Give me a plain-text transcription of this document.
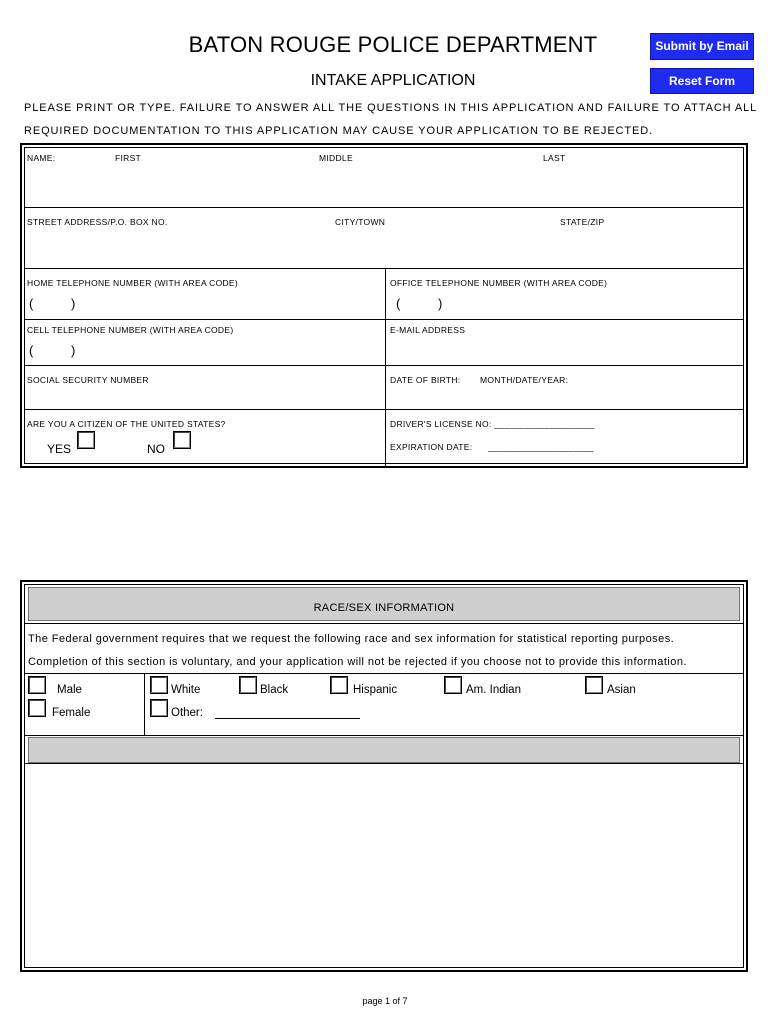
BATON ROUGE POLICE DEPARTMENT
INTAKE APPLICATION
Submit by Email
Reset Form
PLEASE PRINT OR TYPE. FAILURE TO ANSWER ALL THE QUESTIONS IN THIS APPLICATION AND FAILURE TO ATTACH ALL
REQUIRED DOCUMENTATION TO THIS APPLICATION MAY CAUSE YOUR APPLICATION TO BE REJECTED.
NAME:	FIRST	MIDDLE	LAST
STREET ADDRESS/P.O. BOX NO.	CITY/TOWN	STATE/ZIP
HOME TELEPHONE NUMBER (WITH AREA CODE)
(	)
OFFICE TELEPHONE NUMBER (WITH AREA CODE)
(	)
CELL TELEPHONE NUMBER (WITH AREA CODE)
(	)
E-MAIL ADDRESS
SOCIAL SECURITY NUMBER	DATE OF BIRTH: MONTH/DATE/YEAR:
ARE YOU A CITIZEN OF THE UNITED STATES?
YES	NO
DRIVER'S LICENSE NO: ____________________
EXPIRATION DATE: _____________________
RACE/SEX INFORMATION
The Federal government requires that we request the following race and sex information for statistical reporting purposes.
Completion of this section is voluntary, and your application will not be rejected if you choose not to provide this information.
Male
Female
White	Black	Hispanic	Am. Indian	Asian
Other:
page 1 of 7
